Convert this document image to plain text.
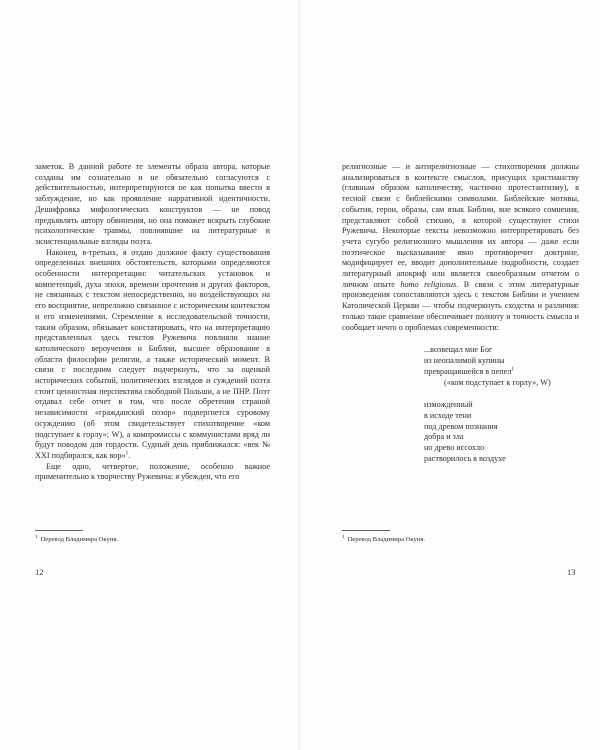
заметок. В данной работе те элементы образа автора, которые созданы им сознательно и не обязательно согласуются с действительностью, интерпретируются не как попытка ввести в заблуждение, но как проявление нарративной идентичности. Дешифровка мифологических конструктов — не повод предъявлять автору обвинения, но она поможет вскрыть глубокие психологические травмы, повлиявшие на литературные и экзистенциальные взгляды поэта.

Наконец, в-третьих, я отдаю должное факту существования определенных внешних обстоятельств, которыми определяются особенности интерпретации: читательских установок и компетенций, духа эпохи, времени прочтения и других факторов, не связанных с текстом непосредственно, но воздействующих на его восприятие, непреложно связанное с историческим контекстом и его изменениями. Стремление к исследовательской точности, таким образом, обязывает констатировать, что на интерпретацию представленных здесь текстов Ружевича повлияли знание католического вероучения и Библии, высшее образование в области философии религии, а также исторический момент. В связи с последним следует подчеркнуть, что за оценкой исторических событий, политических взглядов и суждений поэта стоит ценностная перспектива свободной Польши, а не ПНР. Поэт отдавал себе отчет в том, что после обретения страной независимости «гражданский позор» подвергнется суровому осуждению (об этом свидетельствует стихотворение «ком подступает к горлу»; W), а компромиссы с коммунистами вряд ли будут поводом для гордости. Судный день приближался: «век № XXI подбирался, как вор»$^1$.

Еще одно, четвертое, положение, особенно важное применительно к творчеству Ружевича: я убежден, что его

$^1$ Перевод Владимира Окуня.
12

религиозные — и антирелигиозные — стихотворения должны анализироваться в контексте смыслов, присущих христианству (главным образом католичеству, частично протестантизму), в тесной связи с библейскими символами. Библейские мотивы, события, герои, образы, сам язык Библии, вне всякого сомнения, представляют собой стихию, в которой существуют стихи Ружевича. Некоторые тексты невозможно интерпретировать без учета сугубо религиозного мышления их автора — даже если поэтическое высказывание явно противоречит доктрине, модифицирует ее, вводит дополнительные подробности, создает литературный апокриф или является своеобразным отчетом о личном опыте homo religiosus. В связи с этим литературные произведения сопоставляются здесь с текстом Библии и учением Католической Церкви — чтобы подчеркнуть сходства и различия: только такое сравнение обеспечивает полноту и точность смысла и сообщает нечто о проблемах современности:

...возвещал мне Бог
из неопалимой купины
превращавшейся в пепел$^1$
(«ком подступает к горлу», W)
изможденный
в исходе тени
под древом познания
добра и зла
но древо иссохло
растворилось в воздухе
$^1$ Перевод Владимира Окуня.
13
